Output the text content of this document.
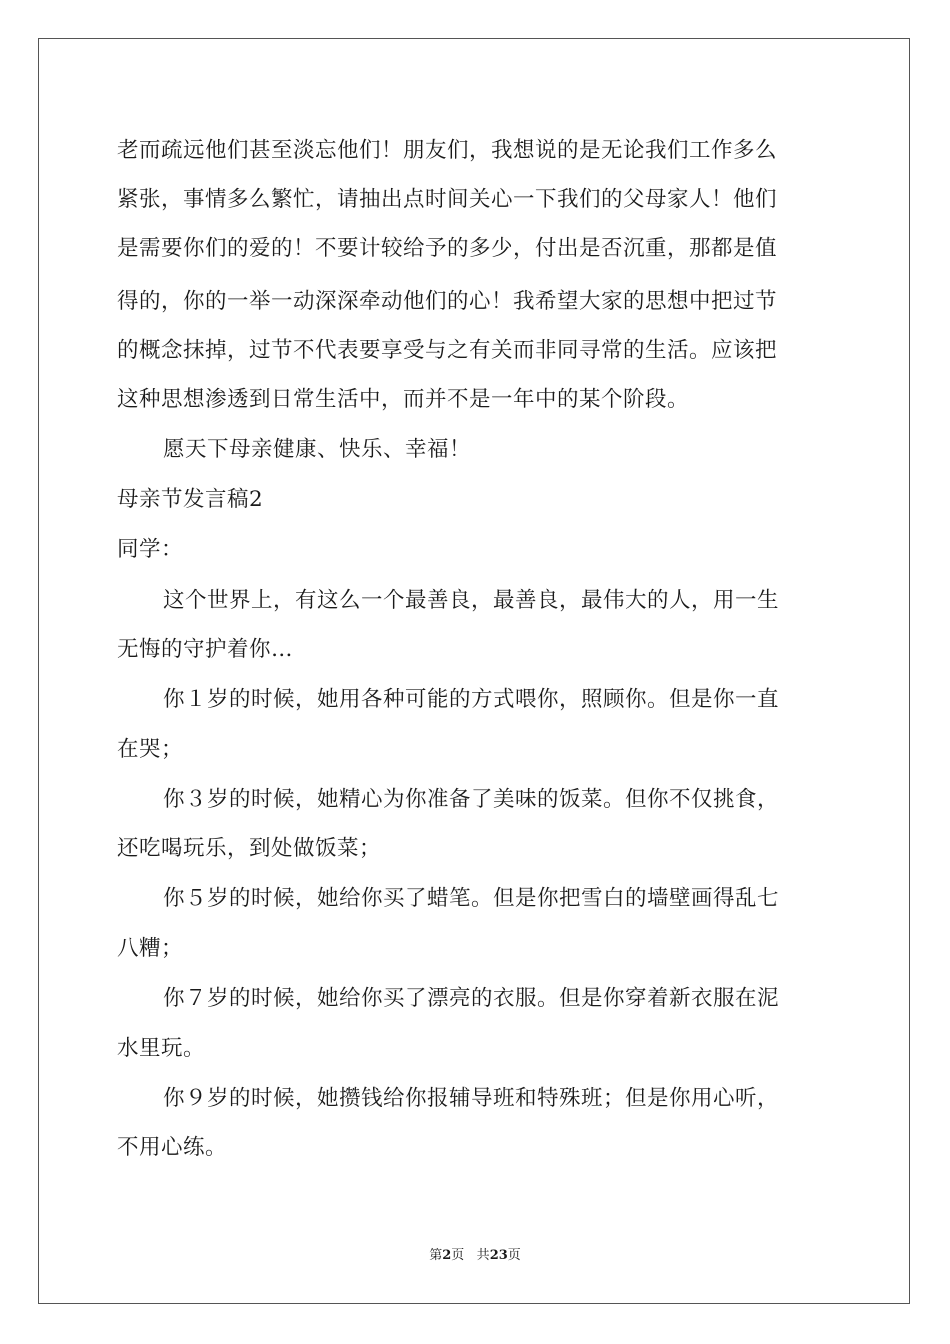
老而疏远他们甚至淡忘他们！朋友们，我想说的是无论我们工作多么
紧张，事情多么繁忙，请抽出点时间关心一下我们的父母家人！他们
是需要你们的爱的！不要计较给予的多少，付出是否沉重，那都是值
得的，你的一举一动深深牵动他们的心！我希望大家的思想中把过节
的概念抹掉，过节不代表要享受与之有关而非同寻常的生活。应该把
这种思想渗透到日常生活中，而并不是一年中的某个阶段。
愿天下母亲健康、快乐、幸福！
母亲节发言稿2
同学：
这个世界上，有这么一个最善良，最善良，最伟大的人，用一生
无悔的守护着你…
你１岁的时候，她用各种可能的方式喂你，照顾你。但是你一直
在哭；
你３岁的时候，她精心为你准备了美味的饭菜。但你不仅挑食，
还吃喝玩乐，到处做饭菜；
你５岁的时候，她给你买了蜡笔。但是你把雪白的墙壁画得乱七
八糟；
你７岁的时候，她给你买了漂亮的衣服。但是你穿着新衣服在泥
水里玩。
你９岁的时候，她攒钱给你报辅导班和特殊班；但是你用心听，
不用心练。
第2页 共23页
